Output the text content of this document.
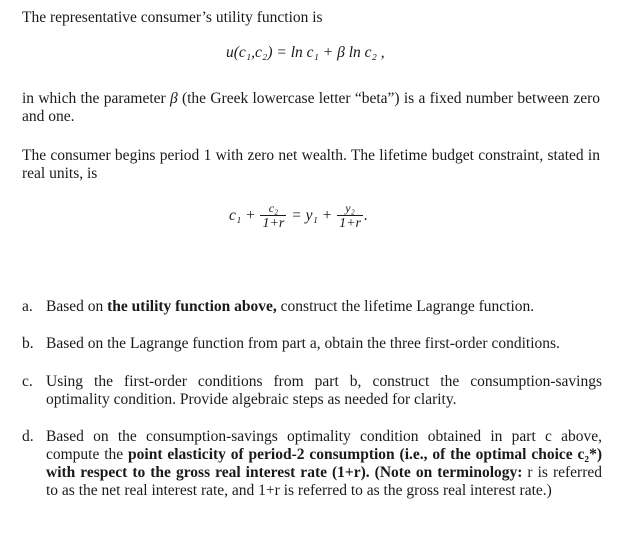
The representative consumer’s utility function is
u(c₁,c₂) = ln c₁ + β ln c₂ ,
in which the parameter β (the Greek lowercase letter “beta”) is a fixed number between zero and one.
The consumer begins period 1 with zero net wealth. The lifetime budget constraint, stated in real units, is
$c_1 + \frac{\text{c₂}}{1+r} = y_1 + \frac{\text{y₂}}{1+r}$ .
a. Based on the utility function above, construct the lifetime Lagrange function.
b. Based on the Lagrange function from part a, obtain the three first-order conditions.
c. Using the first-order conditions from part b, construct the consumption-savings optimality condition. Provide algebraic steps as needed for clarity.
d. Based on the consumption-savings optimality condition obtained in part c above, compute the point elasticity of period-2 consumption (i.e., of the optimal choice c₂*) with respect to the gross real interest rate (1+r). (Note on terminology: r is referred to as the net real interest rate, and 1+r is referred to as the gross real interest rate.)
